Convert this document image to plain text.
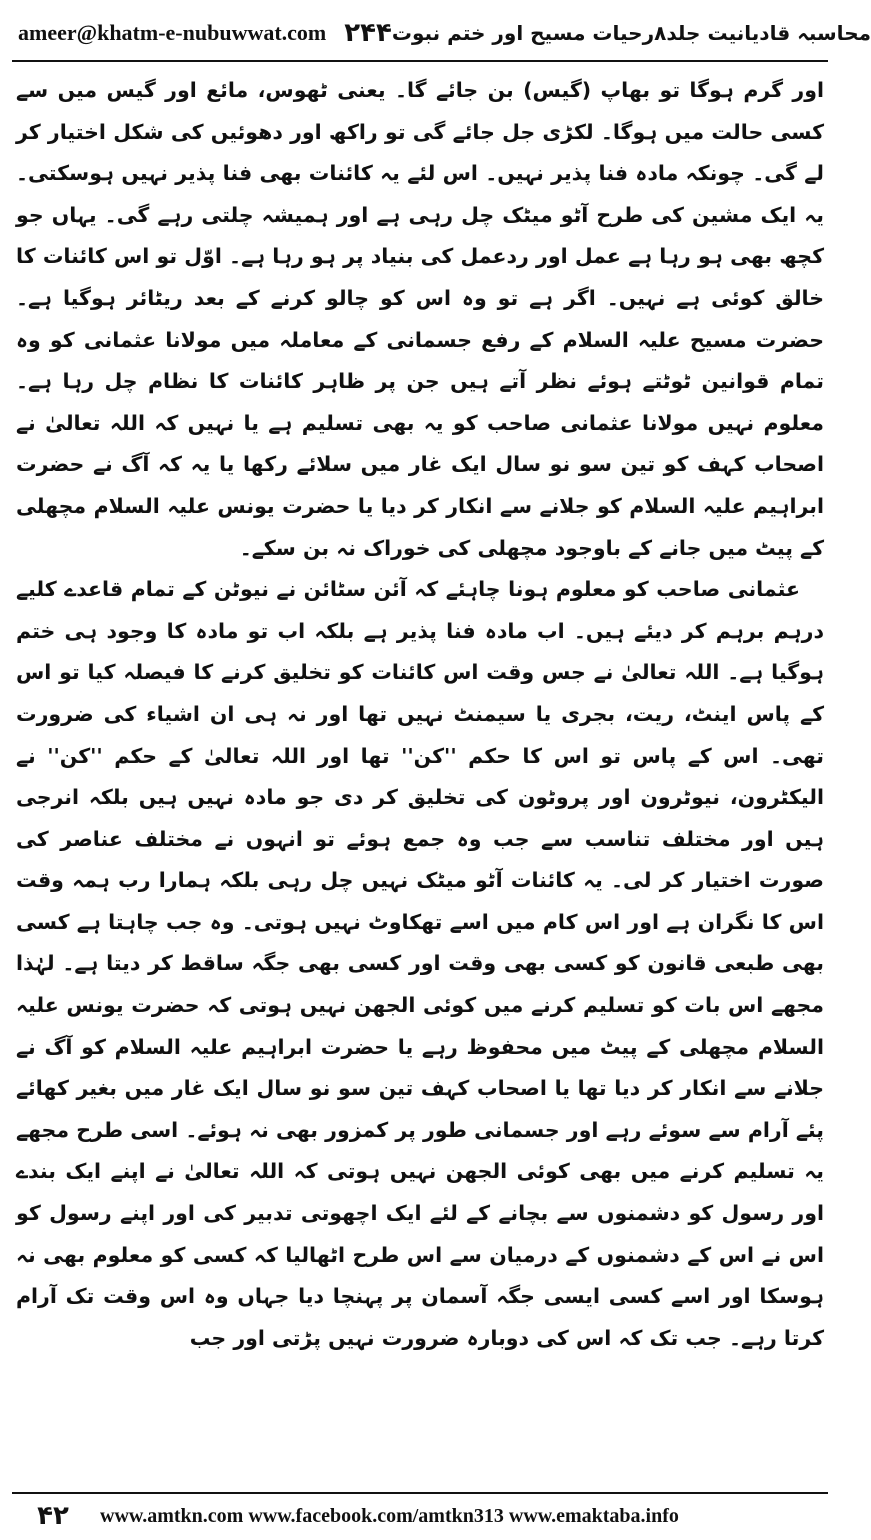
ameer@khatm-e-nubuwwat.com ۲۴۴ محاسبہ قادیانیت جلد۸رحیات مسیح اور ختم نبوت

اور گرم ہوگا تو بھاپ (گیس) بن جائے گا۔ یعنی ٹھوس، مائع اور گیس میں سے کسی حالت میں ہوگا۔ لکڑی جل جائے گی تو راکھ اور دھوئیں کی شکل اختیار کر لے گی۔ چونکہ مادہ فنا پذیر نہیں۔ اس لئے یہ کائنات بھی فنا پذیر نہیں ہوسکتی۔ یہ ایک مشین کی طرح آٹو میٹک چل رہی ہے اور ہمیشہ چلتی رہے گی۔ یہاں جو کچھ بھی ہو رہا ہے عمل اور ردعمل کی بنیاد پر ہو رہا ہے۔ اوّل تو اس کائنات کا خالق کوئی ہے نہیں۔ اگر ہے تو وہ اس کو چالو کرنے کے بعد ریٹائر ہوگیا ہے۔ حضرت مسیح علیہ السلام کے رفع جسمانی کے معاملہ میں مولانا عثمانی کو وہ تمام قوانین ٹوٹتے ہوئے نظر آتے ہیں جن پر ظاہر کائنات کا نظام چل رہا ہے۔ معلوم نہیں مولانا عثمانی صاحب کو یہ بھی تسلیم ہے یا نہیں کہ اللہ تعالیٰ نے اصحاب کہف کو تین سو نو سال ایک غار میں سلائے رکھا یا یہ کہ آگ نے حضرت ابراہیم علیہ السلام کو جلانے سے انکار کر دیا یا حضرت یونس علیہ السلام مچھلی کے پیٹ میں جانے کے باوجود مچھلی کی خوراک نہ بن سکے۔

عثمانی صاحب کو معلوم ہونا چاہئے کہ آئن سٹائن نے نیوٹن کے تمام قاعدے کلیے درہم برہم کر دیئے ہیں۔ اب مادہ فنا پذیر ہے بلکہ اب تو مادہ کا وجود ہی ختم ہوگیا ہے۔ اللہ تعالیٰ نے جس وقت اس کائنات کو تخلیق کرنے کا فیصلہ کیا تو اس کے پاس اینٹ، ریت، بجری یا سیمنٹ نہیں تھا اور نہ ہی ان اشیاء کی ضرورت تھی۔ اس کے پاس تو اس کا حکم ''کن'' تھا اور اللہ تعالیٰ کے حکم ''کن'' نے الیکٹرون، نیوٹرون اور پروٹون کی تخلیق کر دی جو مادہ نہیں ہیں بلکہ انرجی ہیں اور مختلف تناسب سے جب وہ جمع ہوئے تو انہوں نے مختلف عناصر کی صورت اختیار کر لی۔ یہ کائنات آٹو میٹک نہیں چل رہی بلکہ ہمارا رب ہمہ وقت اس کا نگران ہے اور اس کام میں اسے تھکاوٹ نہیں ہوتی۔ وہ جب چاہتا ہے کسی بھی طبعی قانون کو کسی بھی وقت اور کسی بھی جگہ ساقط کر دیتا ہے۔ لہٰذا مجھے اس بات کو تسلیم کرنے میں کوئی الجھن نہیں ہوتی کہ حضرت یونس علیہ السلام مچھلی کے پیٹ میں محفوظ رہے یا حضرت ابراہیم علیہ السلام کو آگ نے جلانے سے انکار کر دیا تھا یا اصحاب کہف تین سو نو سال ایک غار میں بغیر کھائے پئے آرام سے سوئے رہے اور جسمانی طور پر کمزور بھی نہ ہوئے۔ اسی طرح مجھے یہ تسلیم کرنے میں بھی کوئی الجھن نہیں ہوتی کہ اللہ تعالیٰ نے اپنے ایک بندے اور رسول کو دشمنوں سے بچانے کے لئے ایک اچھوتی تدبیر کی اور اپنے رسول کو اس نے اس کے دشمنوں کے درمیان سے اس طرح اٹھالیا کہ کسی کو معلوم بھی نہ ہوسکا اور اسے کسی ایسی جگہ آسمان پر پہنچا دیا جہاں وہ اس وقت تک آرام کرتا رہے۔ جب تک کہ اس کی دوبارہ ضرورت نہیں پڑتی اور جب

۴۲	www.amtkn.com www.facebook.com/amtkn313 www.emaktaba.info
